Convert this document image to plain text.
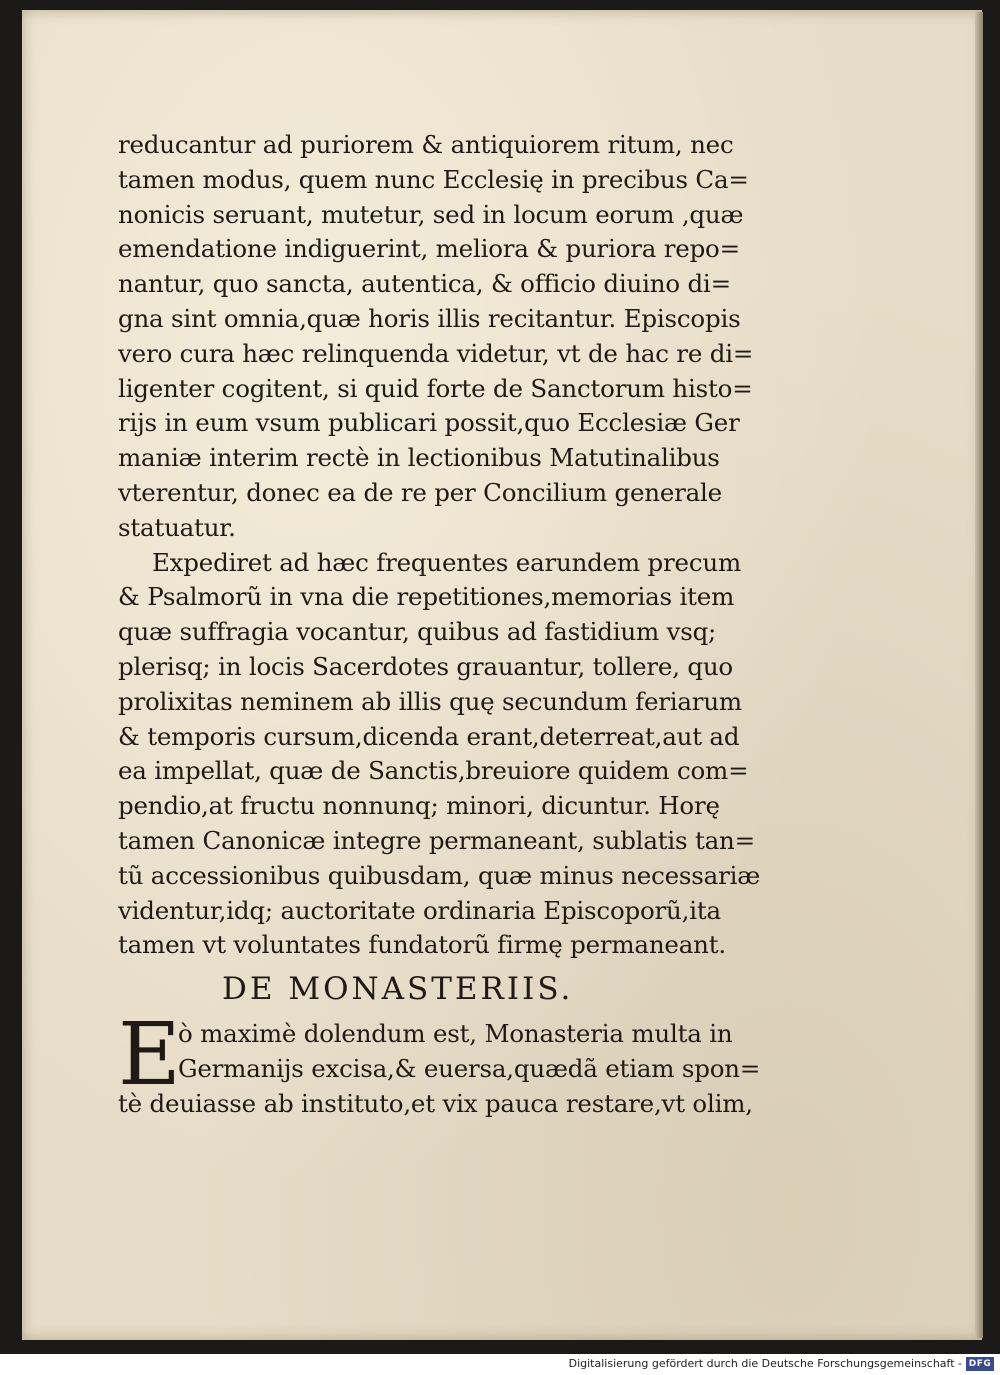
reducantur ad puriorem & antiquiorem ritum, nec
tamen modus, quem nunc Ecclesię in precibus Ca=
nonicis seruant, mutetur, sed in locum eorum ,quæ
emendatione indiguerint, meliora & puriora repo=
nantur, quo sancta, autentica, & officio diuino di=
gna sint omnia,quæ horis illis recitantur. Episcopis
vero cura hæc relinquenda videtur, vt de hac re di=
ligenter cogitent, si quid forte de Sanctorum histo=
rijs in eum vsum publicari possit,quo Ecclesiæ Ger
maniæ interim rectè in lectionibus Matutinalibus
vterentur, donec ea de re per Concilium generale
statuatur.
Expediret ad hæc frequentes earundem precum
& Psalmorũ in vna die repetitiones,memorias item
quæ suffragia vocantur, quibus ad fastidium vsq;
plerisq; in locis Sacerdotes grauantur, tollere, quo
prolixitas neminem ab illis quę secundum feriarum
& temporis cursum,dicenda erant,deterreat,aut ad
ea impellat, quæ de Sanctis,breuiore quidem com=
pendio,at fructu nonnunq; minori, dicuntur. Horę
tamen Canonicæ integre permaneant, sublatis tan=
tũ accessionibus quibusdam, quæ minus necessariæ
videntur,idq; auctoritate ordinaria Episcoporũ,ita
tamen vt voluntates fundatorũ firmę permaneant.
DE MONASTERIIS.
E
ò maximè dolendum est, Monasteria multa in
Germanijs excisa,& euersa,quædã etiam spon=
tè deuiasse ab instituto,et vix pauca restare,vt olim,
Digitalisierung gefördert durch die Deutsche Forschungsgemeinschaft - DFG
